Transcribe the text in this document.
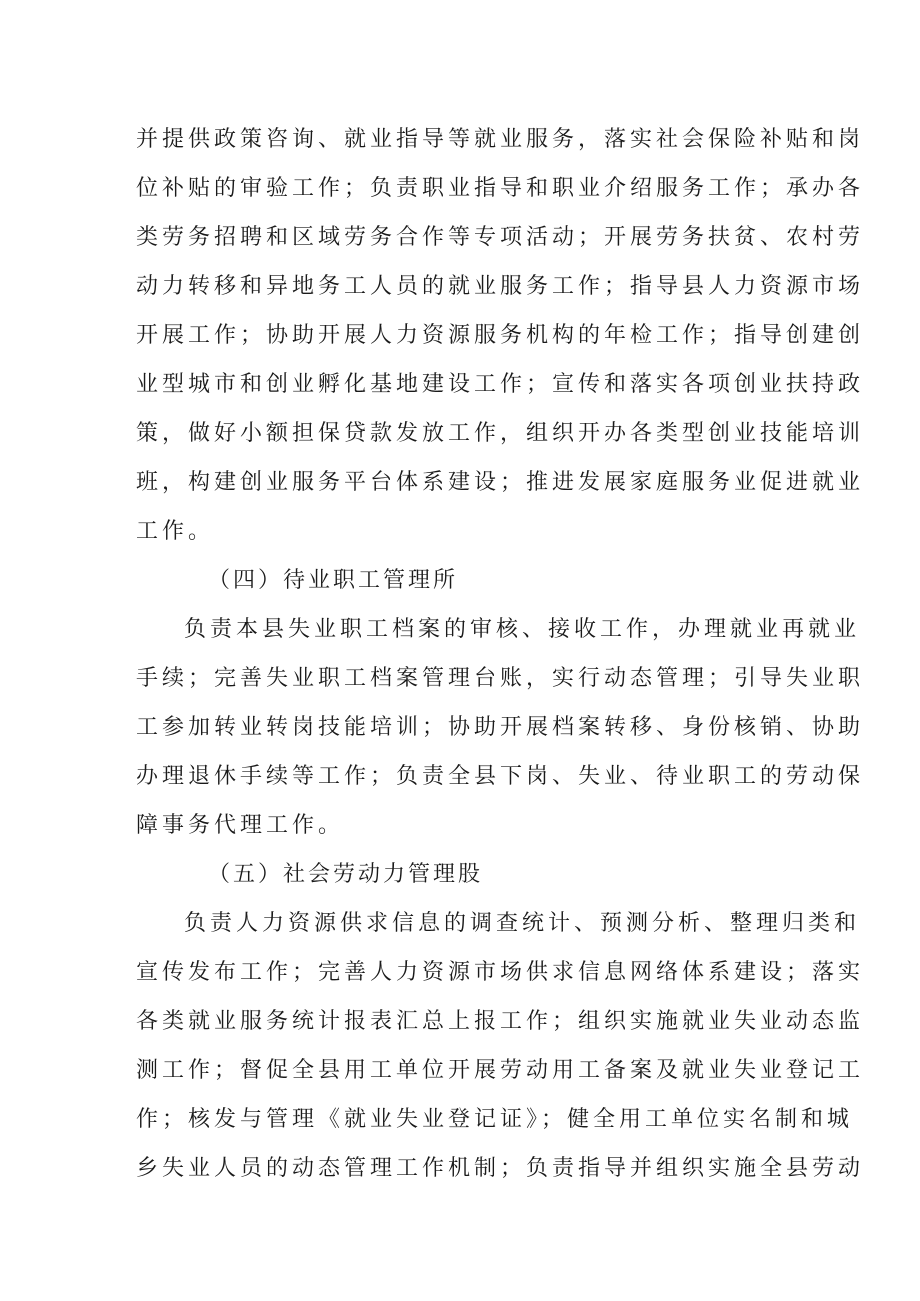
并提供政策咨询、就业指导等就业服务，落实社会保险补贴和岗
位补贴的审验工作；负责职业指导和职业介绍服务工作；承办各
类劳务招聘和区域劳务合作等专项活动；开展劳务扶贫、农村劳
动力转移和异地务工人员的就业服务工作；指导县人力资源市场
开展工作；协助开展人力资源服务机构的年检工作；指导创建创
业型城市和创业孵化基地建设工作；宣传和落实各项创业扶持政
策，做好小额担保贷款发放工作，组织开办各类型创业技能培训
班，构建创业服务平台体系建设；推进发展家庭服务业促进就业
工作。
（四）待业职工管理所
负责本县失业职工档案的审核、接收工作，办理就业再就业
手续；完善失业职工档案管理台账，实行动态管理；引导失业职
工参加转业转岗技能培训；协助开展档案转移、身份核销、协助
办理退休手续等工作；负责全县下岗、失业、待业职工的劳动保
障事务代理工作。
（五）社会劳动力管理股
负责人力资源供求信息的调查统计、预测分析、整理归类和
宣传发布工作；完善人力资源市场供求信息网络体系建设；落实
各类就业服务统计报表汇总上报工作；组织实施就业失业动态监
测工作；督促全县用工单位开展劳动用工备案及就业失业登记工
作；核发与管理《就业失业登记证》；健全用工单位实名制和城
乡失业人员的动态管理工作机制；负责指导并组织实施全县劳动
